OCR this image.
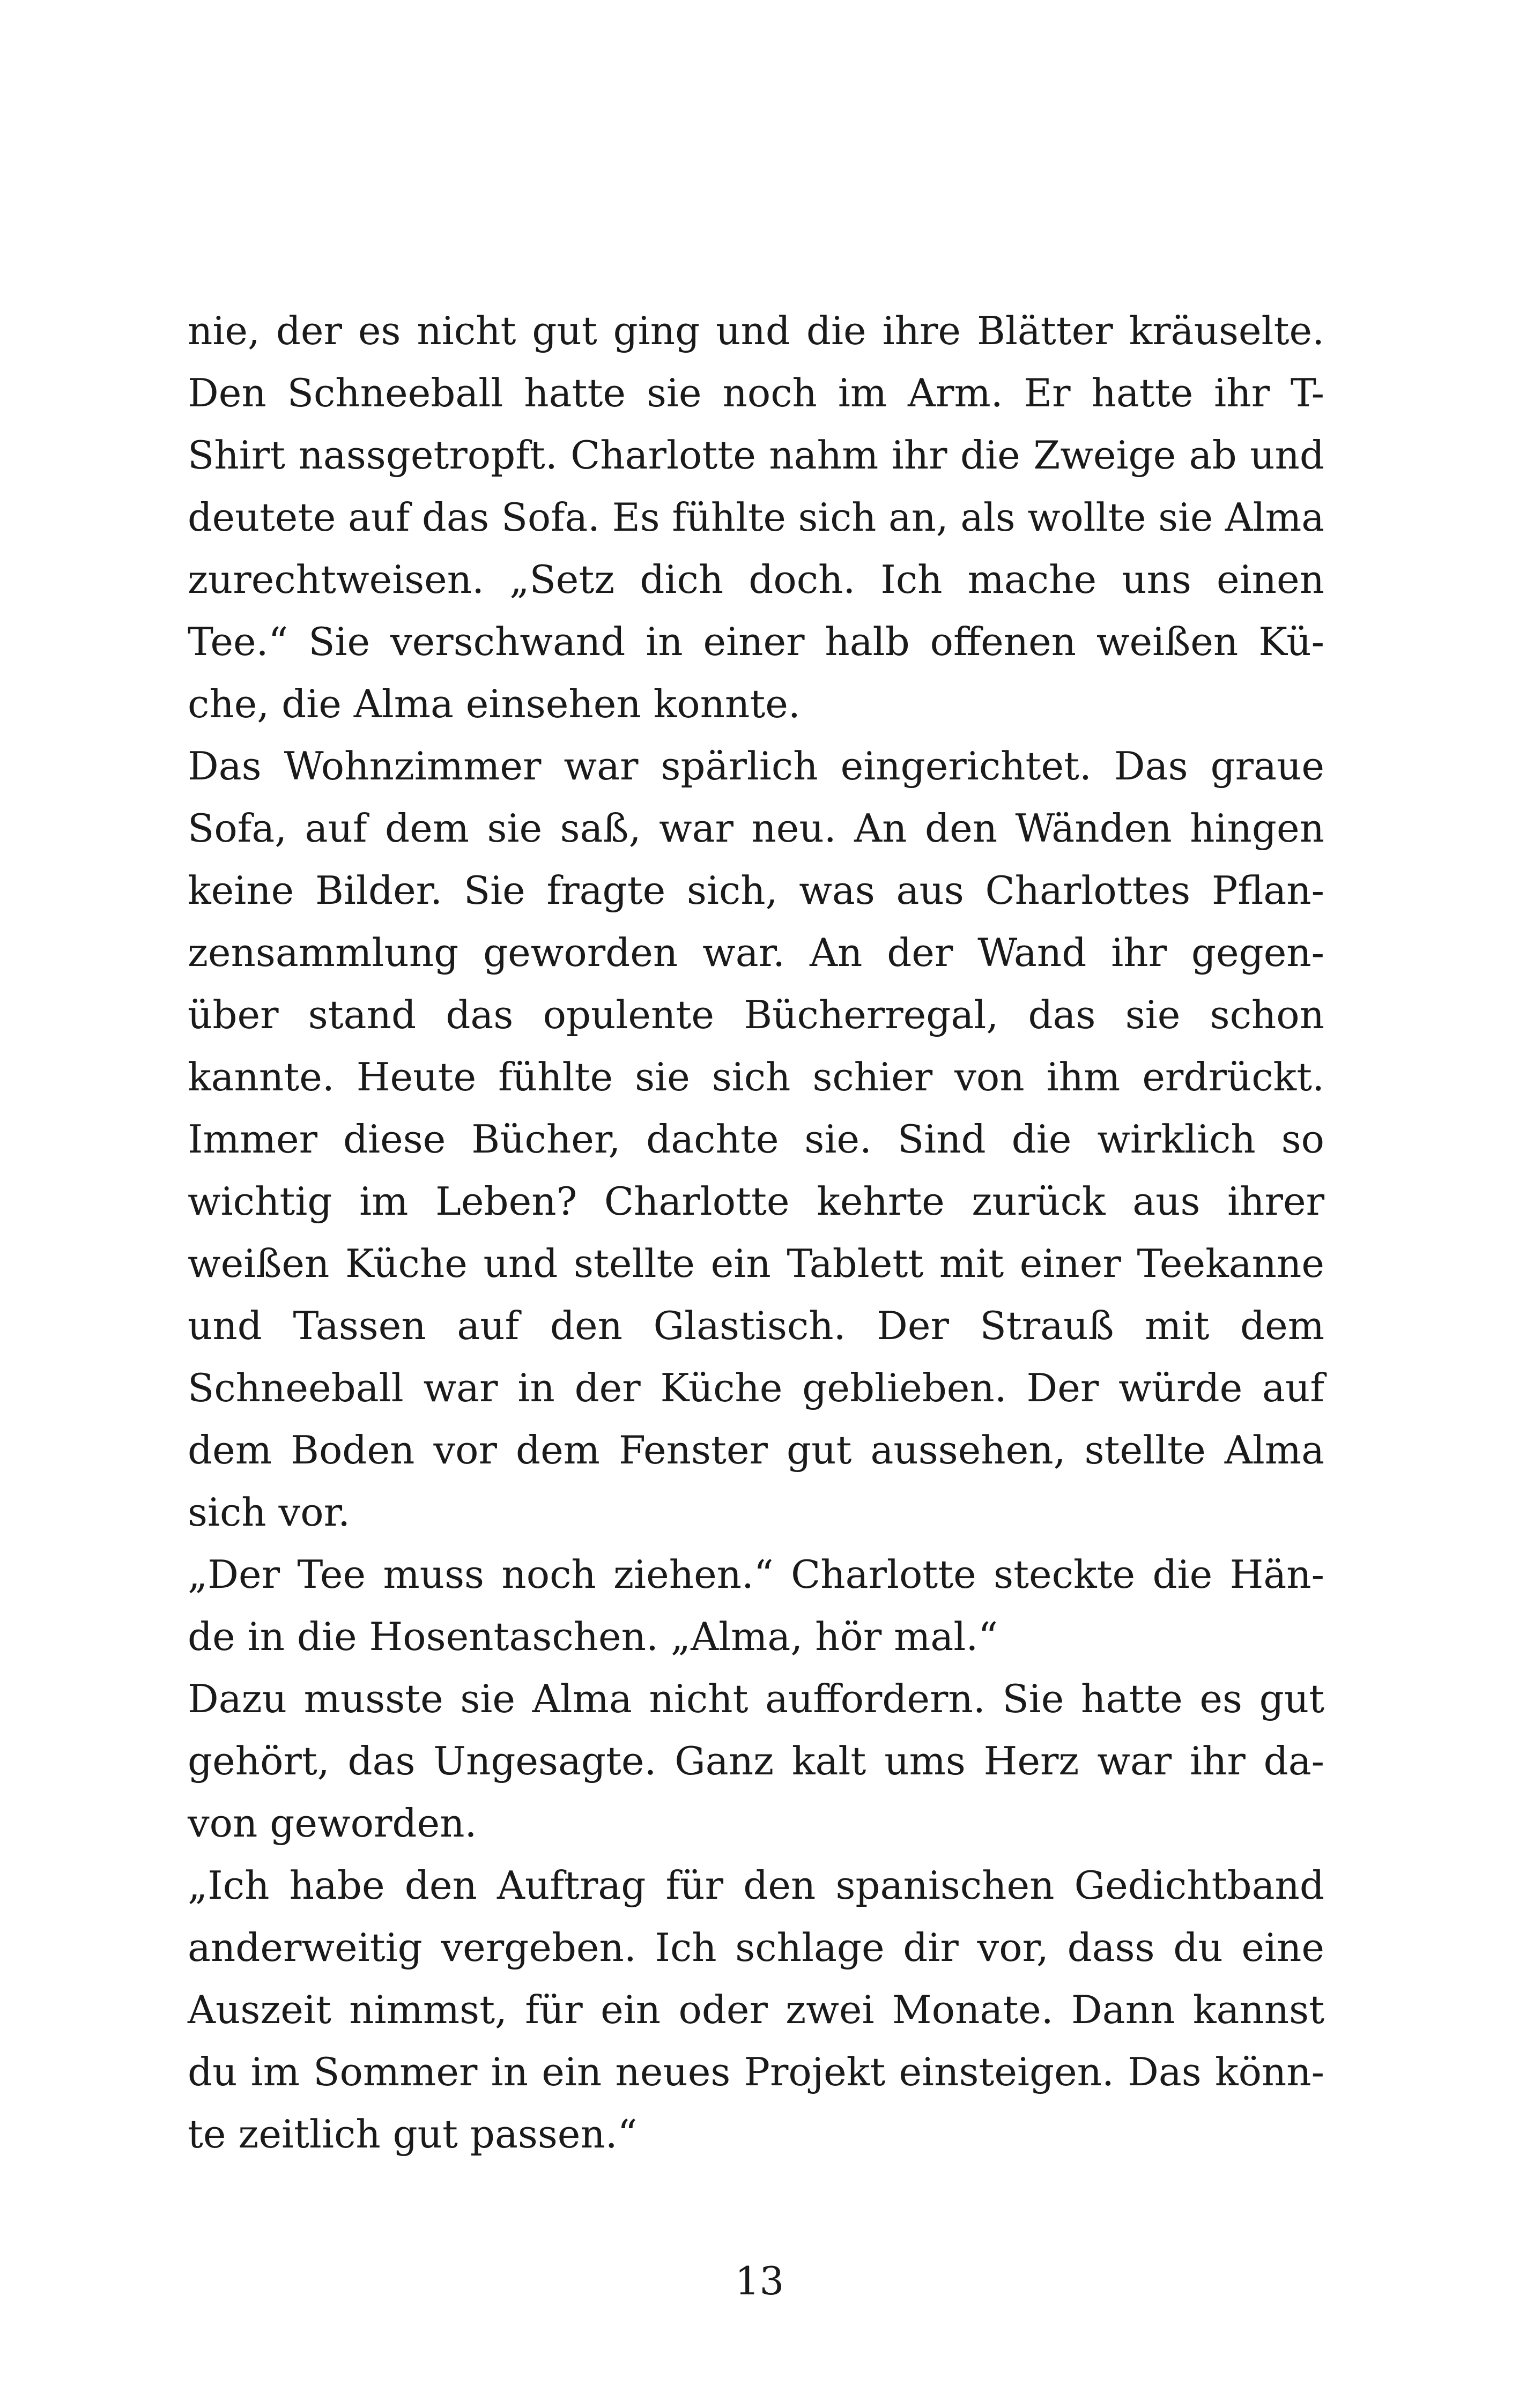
nie, der es nicht gut ging und die ihre Blätter kräuselte.
Den Schneeball hatte sie noch im Arm. Er hatte ihr T-
Shirt nassgetropft. Charlotte nahm ihr die Zweige ab und
deutete auf das Sofa. Es fühlte sich an, als wollte sie Alma
zurechtweisen. „Setz dich doch. Ich mache uns einen
Tee.“ Sie verschwand in einer halb offenen weißen Kü-
che, die Alma einsehen konnte.
Das Wohnzimmer war spärlich eingerichtet. Das graue
Sofa, auf dem sie saß, war neu. An den Wänden hingen
keine Bilder. Sie fragte sich, was aus Charlottes Pflan-
zensammlung geworden war. An der Wand ihr gegen-
über stand das opulente Bücherregal, das sie schon
kannte. Heute fühlte sie sich schier von ihm erdrückt.
Immer diese Bücher, dachte sie. Sind die wirklich so
wichtig im Leben? Charlotte kehrte zurück aus ihrer
weißen Küche und stellte ein Tablett mit einer Teekanne
und Tassen auf den Glastisch. Der Strauß mit dem
Schneeball war in der Küche geblieben. Der würde auf
dem Boden vor dem Fenster gut aussehen, stellte Alma
sich vor.
„Der Tee muss noch ziehen.“ Charlotte steckte die Hän-
de in die Hosentaschen. „Alma, hör mal.“
Dazu musste sie Alma nicht auffordern. Sie hatte es gut
gehört, das Ungesagte. Ganz kalt ums Herz war ihr da-
von geworden.
„Ich habe den Auftrag für den spanischen Gedichtband
anderweitig vergeben. Ich schlage dir vor, dass du eine
Auszeit nimmst, für ein oder zwei Monate. Dann kannst
du im Sommer in ein neues Projekt einsteigen. Das könn-
te zeitlich gut passen.“
13
